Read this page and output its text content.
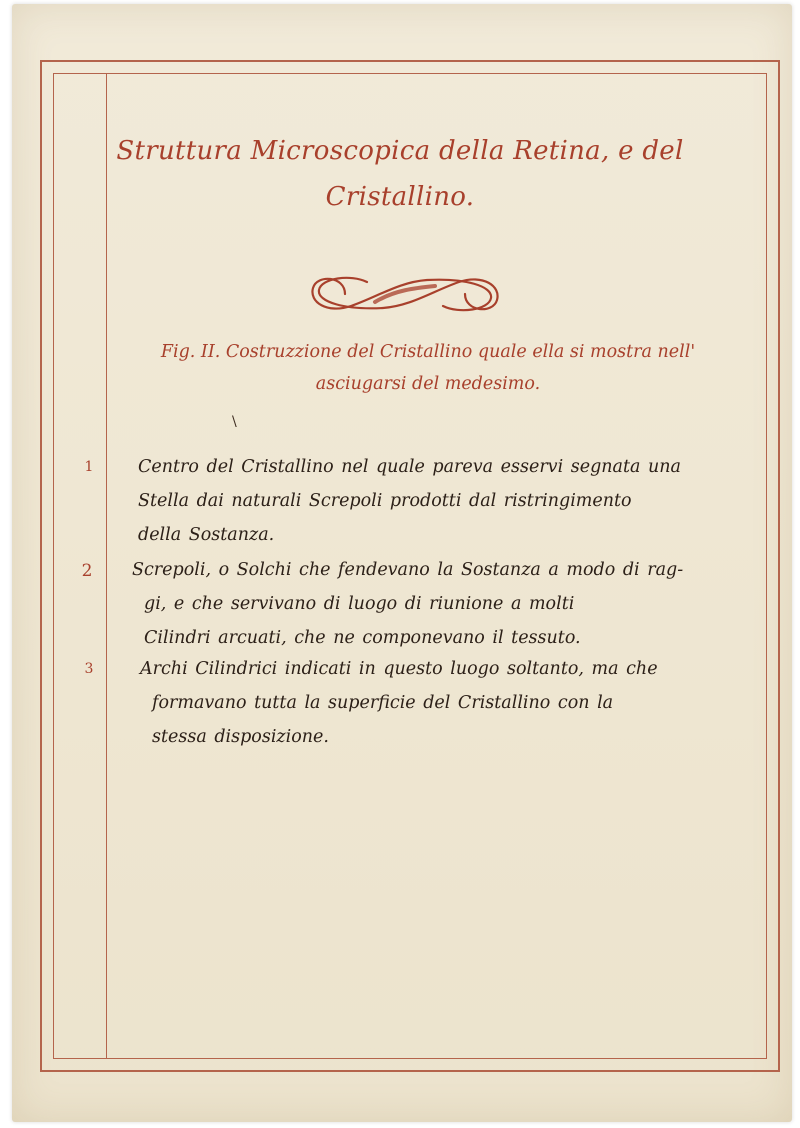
Struttura Microscopica della Retina, e del
Cristallino.

Fig. II. Costruzzione del Cristallino quale ella si mostra nell'
asciugarsi del medesimo.

\
1	Centro del Cristallino nel quale pareva esservi segnata una
Stella dai naturali Screpoli prodotti dal ristringimento
della Sostanza.
2	Screpoli, o Solchi che fendevano la Sostanza a modo di rag-
gi, e che servivano di luogo di riunione a molti
Cilindri arcuati, che ne componevano il tessuto.
3	Archi Cilindrici indicati in questo luogo soltanto, ma che
formavano tutta la superficie del Cristallino con la
stessa disposizione.
